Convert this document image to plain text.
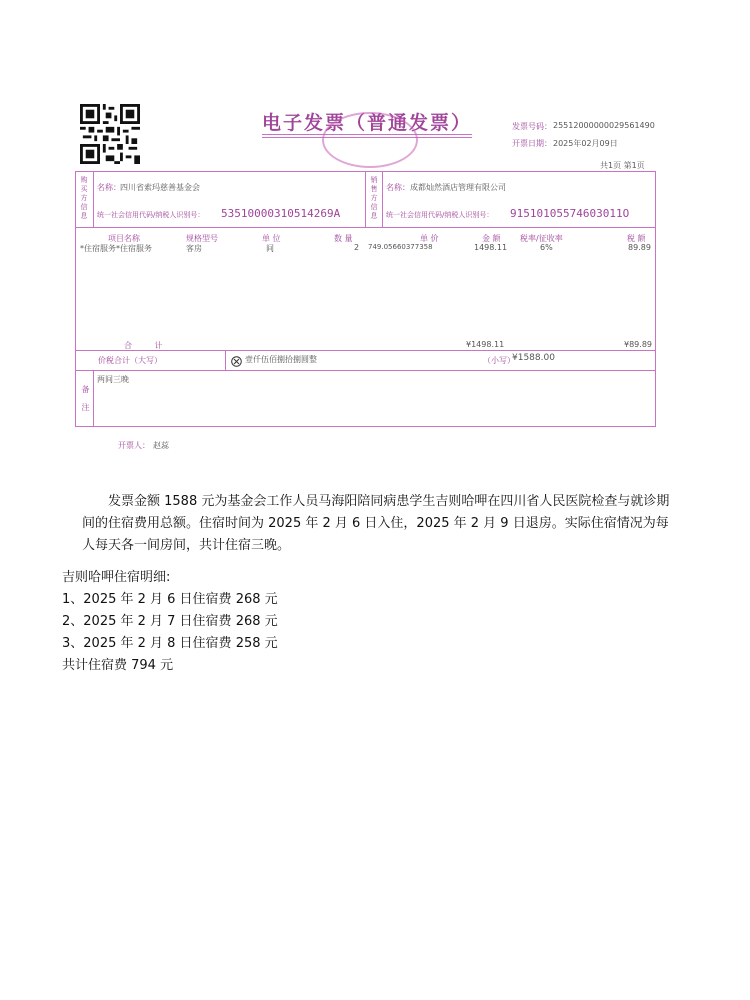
电子发票（普通发票）	发票号码： 25512000000029561490
开票日期： 2025年02月09日
共1页 第1页
购买方信息 名称： 四川省索玛慈善基金会
统一社会信用代码/纳税人识别号： 53510000310514269A	销售方信息 名称： 成都灿然酒店管理有限公司
统一社会信用代码/纳税人识别号： 91510105574603011O
项目名称	规格型号	单 位	数 量	单 价	金 额 税率/征收率	税 额
*住宿服务*住宿服务	客房	间	2 749.05660377358	1498.11	6%	89.89
合 计	¥1498.11	¥89.89
价税合计（大写）	壹仟伍佰捌拾捌圆整	（小写）
¥1588.00
备注
两间三晚
开票人： 赵蕊
发票金额 1588 元为基金会工作人员马海阳陪同病患学生吉则哈呷在四川省人民医院检查与就诊期间的住宿费用总额。住宿时间为 2025 年 2 月 6 日入住，2025 年 2 月 9 日退房。实际住宿情况为每人每天各一间房间，共计住宿三晚。
吉则哈呷住宿明细:
1、2025 年 2 月 6 日住宿费 268 元
2、2025 年 2 月 7 日住宿费 268 元
3、2025 年 2 月 8 日住宿费 258 元
共计住宿费 794 元
